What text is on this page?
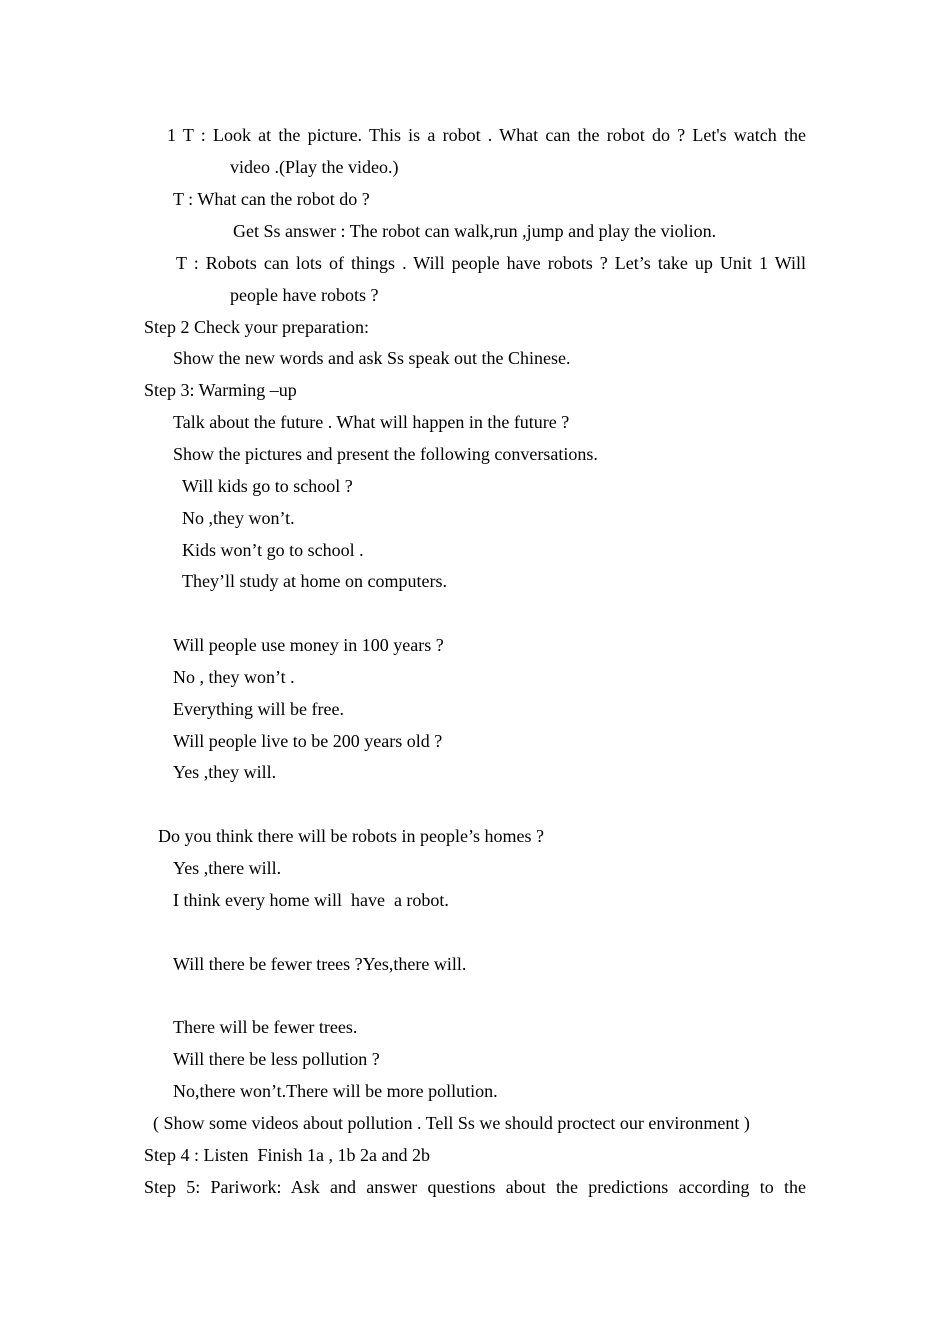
1 T : Look at the picture. This is a robot . What can the robot do ? Let's watch the

video .(Play the video.)

T : What can the robot do ?

Get Ss answer : The robot can walk,run ,jump and play the violion.

T : Robots can lots of things . Will people have robots ? Let’s take up Unit 1 Will

people have robots ?

Step 2 Check your preparation:

Show the new words and ask Ss speak out the Chinese.

Step 3: Warming –up

Talk about the future . What will happen in the future ?

Show the pictures and present the following conversations.

Will kids go to school ?

No ,they won’t.

Kids won’t go to school .

They’ll study at home on computers.

Will people use money in 100 years ?

No , they won’t .

Everything will be free.

Will people live to be 200 years old ?

Yes ,they will.

Do you think there will be robots in people’s homes ?

Yes ,there will.

I think every home will  have  a robot.

Will there be fewer trees ?Yes,there will.

There will be fewer trees.

Will there be less pollution ?

No,there won’t.There will be more pollution.

( Show some videos about pollution . Tell Ss we should proctect our environment )

Step 4 : Listen  Finish 1a , 1b 2a and 2b

Step 5: Pariwork: Ask and answer questions about the predictions according to the
